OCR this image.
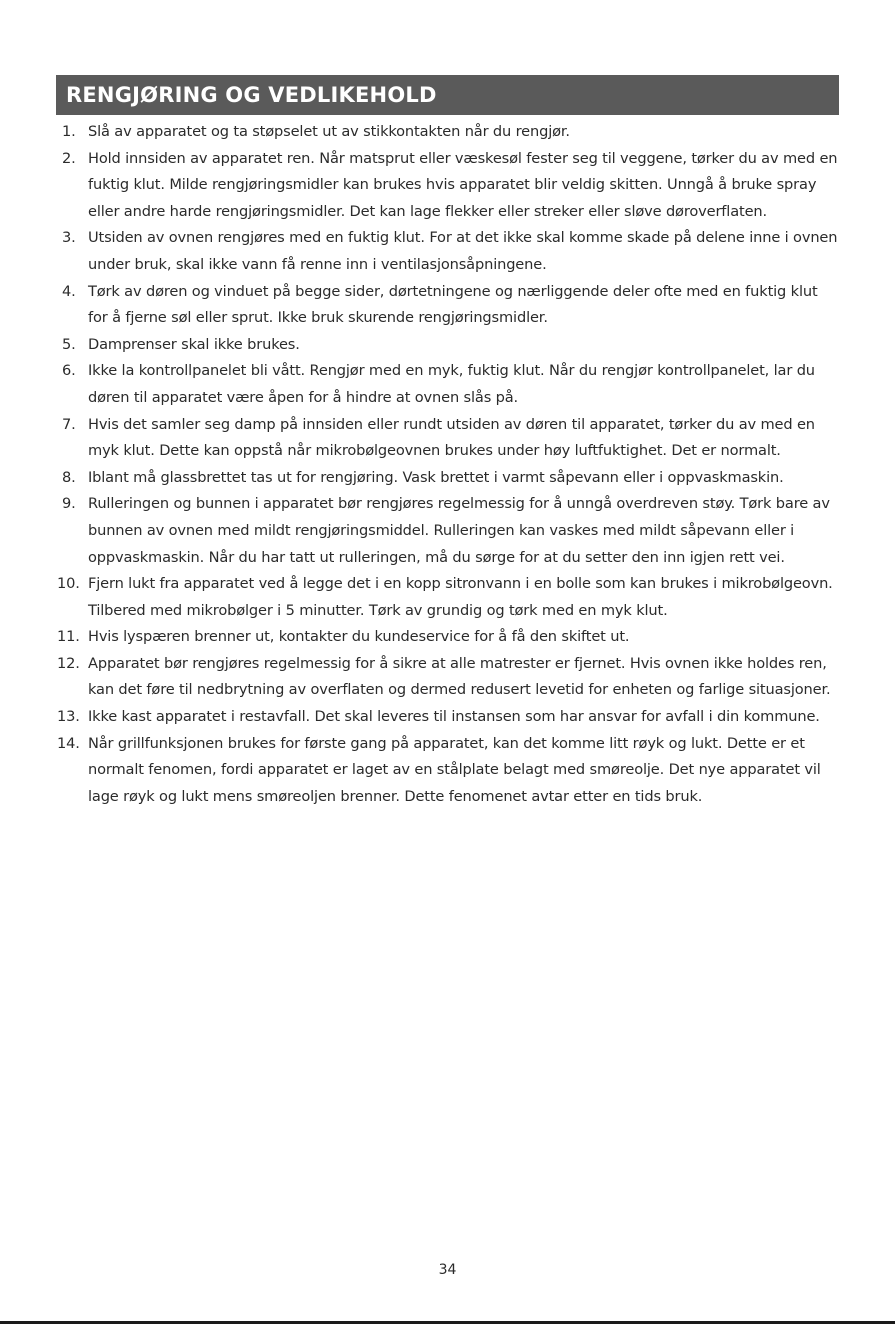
RENGJØRING OG VEDLIKEHOLD
1. Slå av apparatet og ta støpselet ut av stikkontakten når du rengjør.
2. Hold innsiden av apparatet ren. Når matsprut eller væskesøl fester seg til veggene, tørker du av med en fuktig klut. Milde rengjøringsmidler kan brukes hvis apparatet blir veldig skitten. Unngå å bruke spray eller andre harde rengjøringsmidler. Det kan lage flekker eller streker eller sløve døroverflaten.
3. Utsiden av ovnen rengjøres med en fuktig klut. For at det ikke skal komme skade på delene inne i ovnen under bruk, skal ikke vann få renne inn i ventilasjonsåpningene.
4. Tørk av døren og vinduet på begge sider, dørtetningene og nærliggende deler ofte med en fuktig klut for å fjerne søl eller sprut. Ikke bruk skurende rengjøringsmidler.
5. Damprenser skal ikke brukes.
6. Ikke la kontrollpanelet bli vått. Rengjør med en myk, fuktig klut. Når du rengjør kontrollpanelet, lar du døren til apparatet være åpen for å hindre at ovnen slås på.
7. Hvis det samler seg damp på innsiden eller rundt utsiden av døren til apparatet, tørker du av med en myk klut. Dette kan oppstå når mikrobølgeovnen brukes under høy luftfuktighet. Det er normalt.
8. Iblant må glassbrettet tas ut for rengjøring. Vask brettet i varmt såpevann eller i oppvaskmaskin.
9. Rulleringen og bunnen i apparatet bør rengjøres regelmessig for å unngå overdreven støy. Tørk bare av bunnen av ovnen med mildt rengjøringsmiddel. Rulleringen kan vaskes med mildt såpevann eller i oppvaskmaskin. Når du har tatt ut rulleringen, må du sørge for at du setter den inn igjen rett vei.
10. Fjern lukt fra apparatet ved å legge det i en kopp sitronvann i en bolle som kan brukes i mikrobølgeovn. Tilbered med mikrobølger i 5 minutter. Tørk av grundig og tørk med en myk klut.
11. Hvis lyspæren brenner ut, kontakter du kundeservice for å få den skiftet ut.
12. Apparatet bør rengjøres regelmessig for å sikre at alle matrester er fjernet. Hvis ovnen ikke holdes ren, kan det føre til nedbrytning av overflaten og dermed redusert levetid for enheten og farlige situasjoner.
13. Ikke kast apparatet i restavfall. Det skal leveres til instansen som har ansvar for avfall i din kommune.
14. Når grillfunksjonen brukes for første gang på apparatet, kan det komme litt røyk og lukt. Dette er et normalt fenomen, fordi apparatet er laget av en stålplate belagt med smøreolje. Det nye apparatet vil lage røyk og lukt mens smøreoljen brenner. Dette fenomenet avtar etter en tids bruk.
34
